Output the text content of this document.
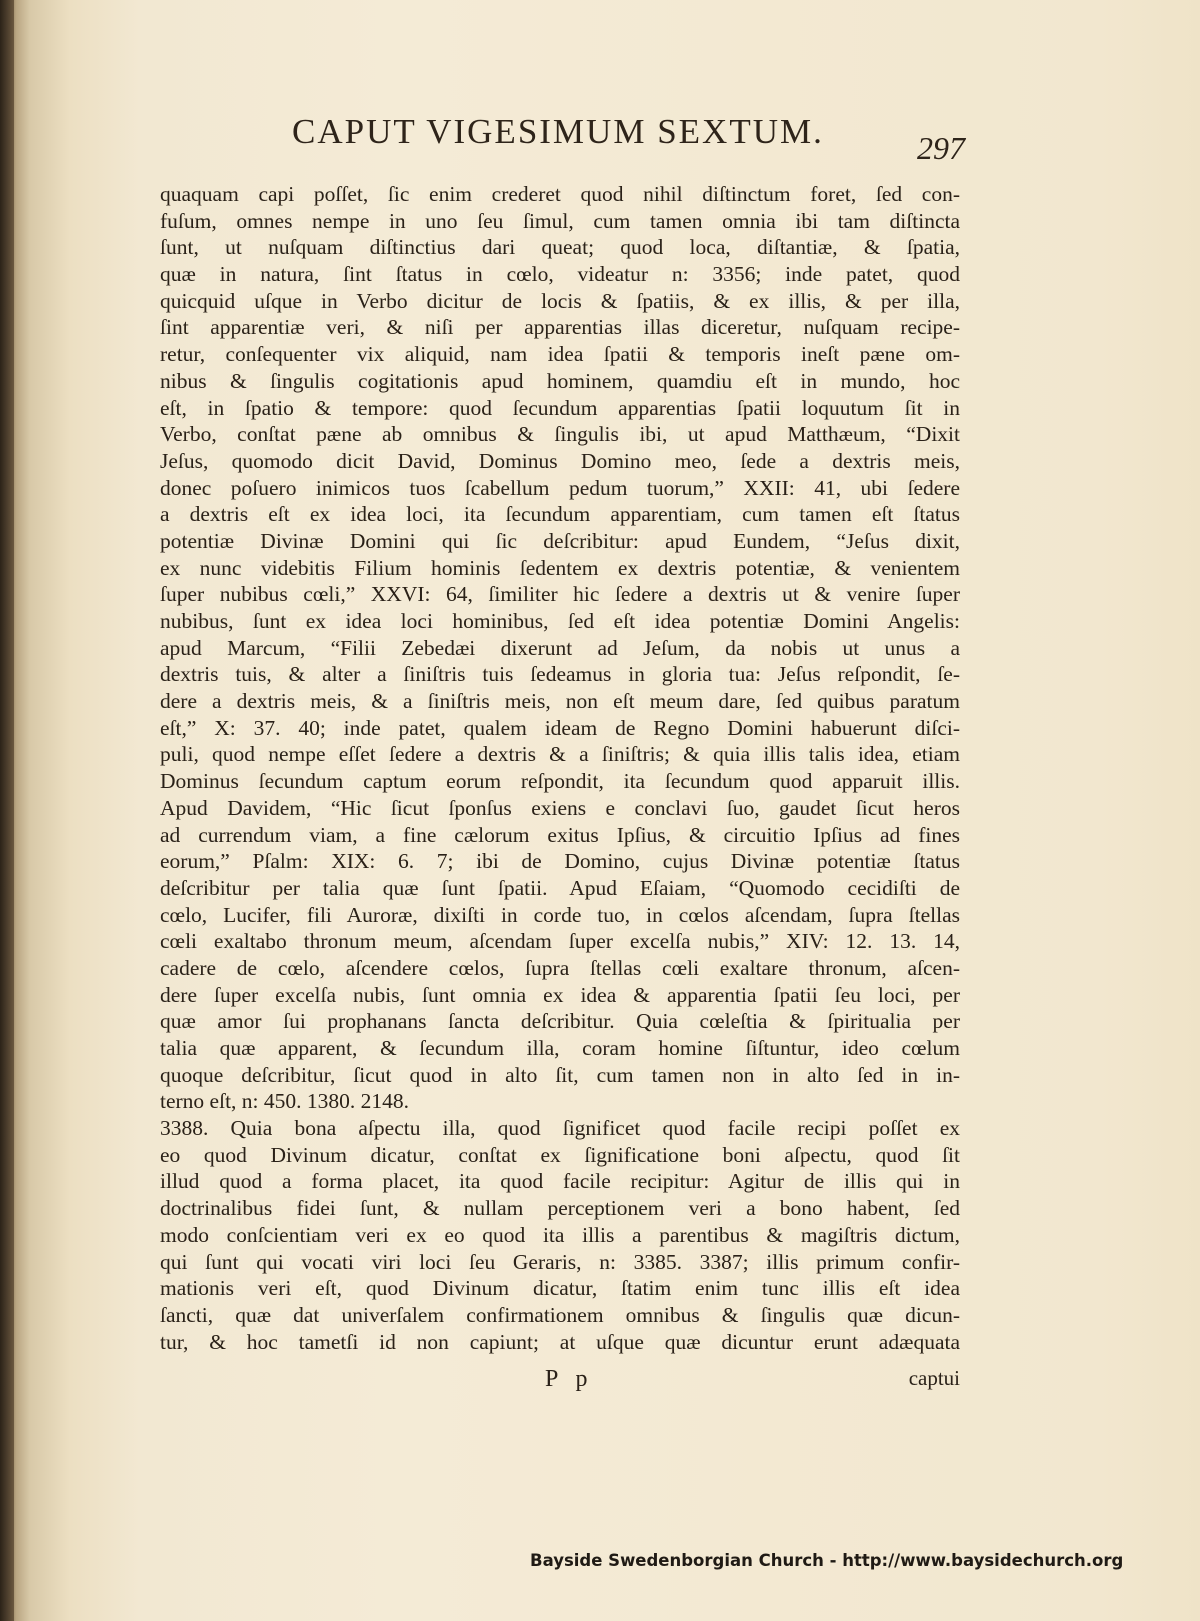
CAPUT VIGESIMUM SEXTUM.	297
quaquam capi poſſet, ſic enim crederet quod nihil diſtinctum foret, ſed con-
fuſum, omnes nempe in uno ſeu ſimul, cum tamen omnia ibi tam diſtincta
ſunt, ut nuſquam diſtinctius dari queat; quod loca, diſtantiæ, & ſpatia,
quæ in natura, ſint ſtatus in cœlo, videatur n: 3356; inde patet, quod
quicquid uſque in Verbo dicitur de locis & ſpatiis, & ex illis, & per illa,
ſint apparentiæ veri, & niſi per apparentias illas diceretur, nuſquam recipe-
retur, conſequenter vix aliquid, nam idea ſpatii & temporis ineſt pæne om-
nibus & ſingulis cogitationis apud hominem, quamdiu eſt in mundo, hoc
eſt, in ſpatio & tempore: quod ſecundum apparentias ſpatii loquutum ſit in
Verbo, conſtat pæne ab omnibus & ſingulis ibi, ut apud Matthæum, “Dixit
Jeſus, quomodo dicit David, Dominus Domino meo, ſede a dextris meis,
donec poſuero inimicos tuos ſcabellum pedum tuorum,” XXII: 41, ubi ſedere
a dextris eſt ex idea loci, ita ſecundum apparentiam, cum tamen eſt ſtatus
potentiæ Divinæ Domini qui ſic deſcribitur: apud Eundem, “Jeſus dixit,
ex nunc videbitis Filium hominis ſedentem ex dextris potentiæ, & venientem
ſuper nubibus cœli,” XXVI: 64, ſimiliter hic ſedere a dextris ut & venire ſuper
nubibus, ſunt ex idea loci hominibus, ſed eſt idea potentiæ Domini Angelis:
apud Marcum, “Filii Zebedæi dixerunt ad Jeſum, da nobis ut unus a
dextris tuis, & alter a ſiniſtris tuis ſedeamus in gloria tua: Jeſus reſpondit, ſe-
dere a dextris meis, & a ſiniſtris meis, non eſt meum dare, ſed quibus paratum
eſt,” X: 37. 40; inde patet, qualem ideam de Regno Domini habuerunt diſci-
puli, quod nempe eſſet ſedere a dextris & a ſiniſtris; & quia illis talis idea, etiam
Dominus ſecundum captum eorum reſpondit, ita ſecundum quod apparuit illis.
Apud Davidem, “Hic ſicut ſponſus exiens e conclavi ſuo, gaudet ſicut heros
ad currendum viam, a fine cælorum exitus Ipſius, & circuitio Ipſius ad fines
eorum,” Pſalm: XIX: 6. 7; ibi de Domino, cujus Divinæ potentiæ ſtatus
deſcribitur per talia quæ ſunt ſpatii. Apud Eſaiam, “Quomodo cecidiſti de
cœlo, Lucifer, fili Auroræ, dixiſti in corde tuo, in cœlos aſcendam, ſupra ſtellas
cœli exaltabo thronum meum, aſcendam ſuper excelſa nubis,” XIV: 12. 13. 14,
cadere de cœlo, aſcendere cœlos, ſupra ſtellas cœli exaltare thronum, aſcen-
dere ſuper excelſa nubis, ſunt omnia ex idea & apparentia ſpatii ſeu loci, per
quæ amor ſui prophanans ſancta deſcribitur. Quia cœleſtia & ſpiritualia per
talia quæ apparent, & ſecundum illa, coram homine ſiſtuntur, ideo cœlum
quoque deſcribitur, ſicut quod in alto ſit, cum tamen non in alto ſed in in-
terno eſt, n: 450. 1380. 2148.
3388. Quia bona aſpectu illa, quod ſignificet quod facile recipi poſſet ex
eo quod Divinum dicatur, conſtat ex ſignificatione boni aſpectu, quod ſit
illud quod a forma placet, ita quod facile recipitur: Agitur de illis qui in
doctrinalibus fidei ſunt, & nullam perceptionem veri a bono habent, ſed
modo conſcientiam veri ex eo quod ita illis a parentibus & magiſtris dictum,
qui ſunt qui vocati viri loci ſeu Geraris, n: 3385. 3387; illis primum confir-
mationis veri eſt, quod Divinum dicatur, ſtatim enim tunc illis eſt idea
ſancti, quæ dat univerſalem confirmationem omnibus & ſingulis quæ dicun-
tur, & hoc tametſi id non capiunt; at uſque quæ dicuntur erunt adæquata
captui
P p
Bayside Swedenborgian Church - http://www.baysidechurch.org
